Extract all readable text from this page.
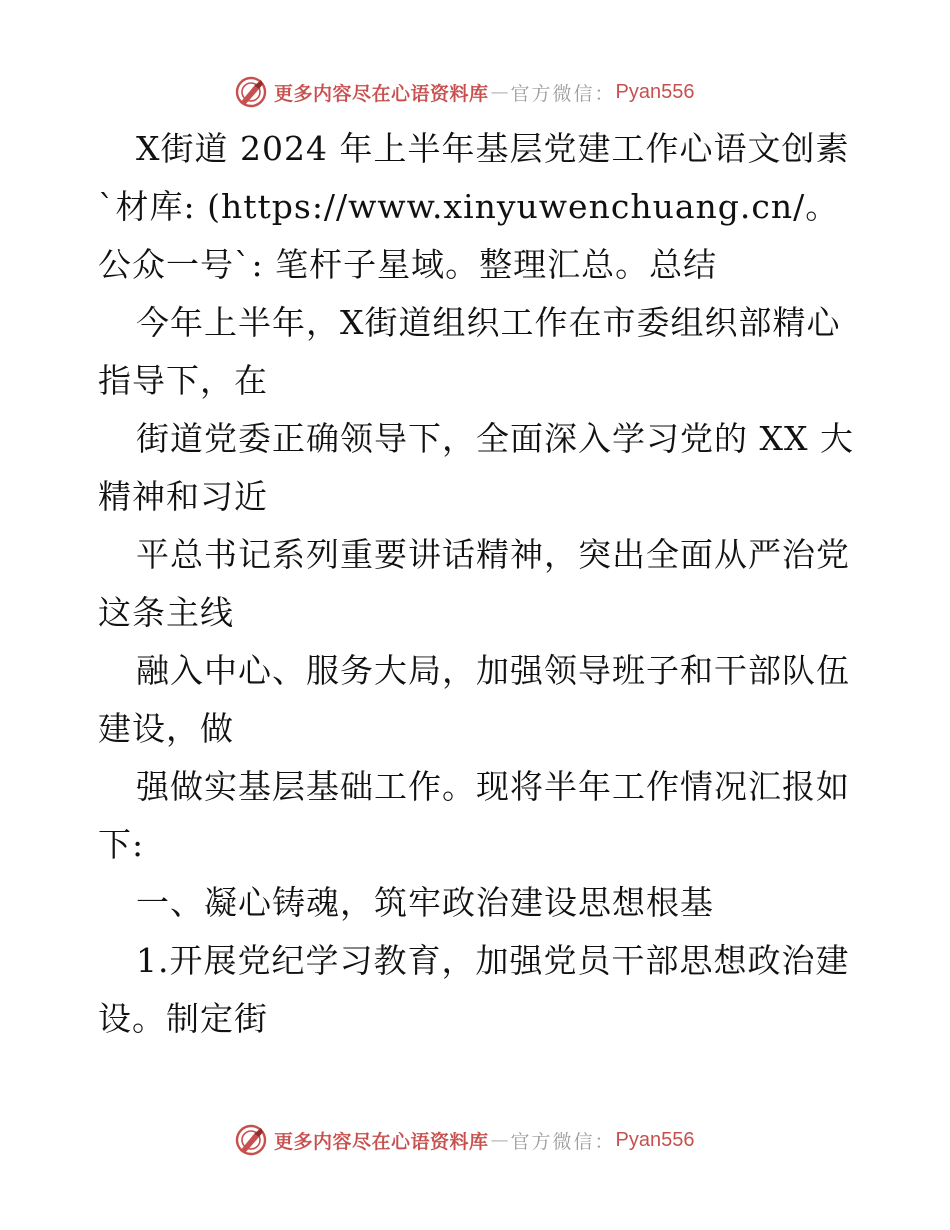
更多内容尽在心语资料库 — 官方微信： Pyan556

X街道 2024 年上半年基层党建工作心语文创素`材库: (https://www.xinyuwenchuang.cn/。公众一号`: 笔杆子星域。整理汇总。总结

今年上半年，X街道组织工作在市委组织部精心指导下，在

街道党委正确领导下，全面深入学习党的 XX 大精神和习近

平总书记系列重要讲话精神，突出全面从严治党这条主线

融入中心、服务大局，加强领导班子和干部队伍建设，做

强做实基层基础工作。现将半年工作情况汇报如下:

一、凝心铸魂，筑牢政治建设思想根基

1.开展党纪学习教育，加强党员干部思想政治建设。制定街

更多内容尽在心语资料库 — 官方微信： Pyan556
